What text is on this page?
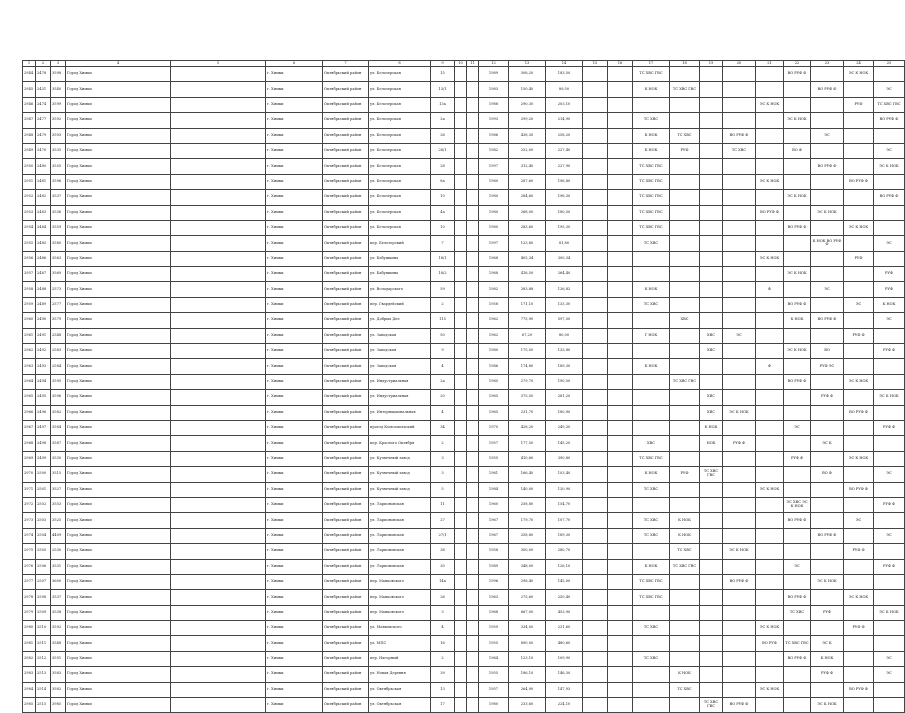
1	2	3	4	5	6	7	8	9	10	11	12	13	14	15	16	17	18	19	20	21	22	23	24	25
2944	2478	3598	Город Химки		г. Химки	Октябрьский район	ул. Белозерская	15			1989	308,20	183,50			ТС ХВС ГВС					ВО РУФ Ф		ЭС К НОК	
2945	2431	3540	Город Химки		г. Химки	Октябрьский район	ул. Белозерская	13/1			1983	150,40	89,50			К НОК	ТС ХВС ГВС					ВО РУФ Ф		ЭС
2946	2474	3599	Город Химки		г. Химки	Октябрьский район	ул. Белозерская	13а			1988	290,30	203,10							ЭС К НОК			РУФ	ТС ХВС ГВС
2947	2477	3592	Город Химки		г. Химки	Октябрьский район	ул. Белозерская	2а			1993	299,20	214,90			ТС ХВС					ЭС К НОК			ВО РУФ Ф
2948	2479	3593	Город Химки		г. Химки	Октябрьский район	ул. Белозерская	26			1986	438,30	258,20			К НОК	ТС ХВС		ВО РУФ Ф			ЭС		
2949	2470	3535	Город Химки		г. Химки	Октябрьский район	ул. Белозерская	28/1			1982	252,00	227,40			К НОК	РУФ		ТС ХВС		ВО Ф			ЭС
2950	2480	3555	Город Химки		г. Химки	Октябрьский район	ул. Белозерская	28			1997	312,40	227,90			ТС ХВС ГВС						ВО РУФ Ф		ЭС К НОК
2951	2481	3596	Город Химки		г. Химки	Октябрьский район	ул. Белозерская	8а			1980	287,60	196,80			ТС ХВС ГВС				ЭС К НОК			ВО РУФ Ф	
2952	2482	3537	Город Химки		г. Химки	Октябрьский район	ул. Белозерская	10			1980	284,60	196,30			ТС ХВС ГВС					ЭС К НОК			ВО РУФ Ф
2953	2483	3536	Город Химки		г. Химки	Октябрьский район	ул. Белозерская	4а			1980	268,00	180,50			ТС ХВС ГВС				ВО РУФ Ф		ЭС К НОК		
2954	2484	3559	Город Химки		г. Химки	Октябрьский район	ул. Белозерская	10			1980	283,60	195,30			ТС ХВС ГВС					ВО РУФ Ф		ЭС К НОК	
2955	2485	3580	Город Химки		г. Химки	Октябрьский район	пер. Белозерский	7			1997	123,80	81,80			ТС ХВС						К НОК ВО РУФ Ф		ЭС
2956	2486	3563	Город Химки		г. Химки	Октябрьский район	ул. Бабушкина	18/1			1968	405,34	300,34							ЭС К НОК			РУФ	
2957	2487	3569	Город Химки		г. Химки	Октябрьский район	ул. Бабушкина	18/2			1968	416,50	264,40								ЭС К НОК			РУФ
2958	2488	2573	Город Химки		г. Химки	Октябрьский район	ул. Володарского	59			1982	283,88	126,82			К НОК				Ф		ЭС		РУФ
2959	2489	2577	Город Химки		г. Химки	Октябрьский район	пер. Гвардейский	2			1958	171,10	133,30			ТС ХВС					ВО РУФ Ф		ЭС	К НОК
2960	2490	3579	Город Химки		г. Химки	Октябрьский район	ул. Добрых Дел	115			1962	775,90	597,50				ХВС				К НОК	ВО РУФ Ф		ЭС
2961	2491	2548	Город Химки		г. Химки	Октябрьский район	ул. Заводская	50			1962	67,20	80,00			Г НОК		ХВС	ЭС				РУФ Ф	
2962	2492	2583	Город Химки		г. Химки	Октябрьский район	ул. Заводская	9			1980	175,50	133,80					ХВС			ЭС К НОК	ВО		РУФ Ф
2963	2493	2584	Город Химки		г. Химки	Октябрьский район	ул. Заводская	4			1986	174,80	189,30			К НОК				Ф		РУФ ЭС		
2964	2494	3595	Город Химки		г. Химки	Октябрьский район	ул. Индустриальная	2а			1985	279,70	190,50				ТС ХВС ГВС				ВО РУФ Ф		ЭС К НОК	
2965	2495	3596	Город Химки		г. Химки	Октябрьский район	ул. Индустриальная	20			1965	375,50	281,20					ХВС				РУФ Ф		ЭС К НОК
2966	2496	3582	Город Химки		г. Химки	Октябрьский район	ул. Интернациональная	4			1965	231,70	180,90					ХВС	ЭС К НОК				ВО РУФ Ф	
2967	2497	3584	Город Химки		г. Химки	Октябрьский район	проезд Комсомольский	34			1970	428,20	249,30					К НОК			ЭС			РУФ Ф
2968	2498	3587	Город Химки		г. Химки	Октябрьский район	пер. Красного Октября	2			1957	177,50	145,20			ХВС		НОК	РУФ Ф			ЭС К		
2969	2499	3530	Город Химки		г. Химки	Октябрьский район	ул. Кузнечный завод	3			1955	410,60	390,80			ТС ХВС ГВС					РУФ Ф		ЭС К НОК	
2970	2500	3515	Город Химки		г. Химки	Октябрьский район	ул. Кузнечный завод	3			1961	166,40	103,40			К НОК	РУФ	ТС ХВС ГВС				ВО Ф		ЭС
2971	2501	3527	Город Химки		г. Химки	Октябрьский район	ул. Кузнечный завод	5			1984	140,00	120,90			ТС ХВС				ЭС К НОК			ВО РУФ Ф	
2972	2502	3553	Город Химки		г. Химки	Октябрьский район	ул. Ларионовская	11			1960	258,80	154,70								ЭС ХВС ЭС К НОК			РУФ Ф
2973	2503	3525	Город Химки		г. Химки	Октябрьский район	ул. Ларионовская	27			1967	179,70	107,70			ТС ХВС	К НОК				ВО РУФ Ф		ЭС	
2974	2504	4409	Город Химки		г. Химки	Октябрьский район	ул. Ларионовская	27/1			1967	258,80	189,30			ТС ХВС	К НОК					ВО РУФ Ф		ЭС
2975	2505	2530	Город Химки		г. Химки	Октябрьский район	ул. Ларионовская	38			1958	300,00	280,70				ТС ХВС		ЭС К НОК				РУФ Ф	
2976	2506	3531	Город Химки		г. Химки	Октябрьский район	ул. Ларионовская	30			1989	348,00	126,10			К НОК	ТС ХВС ГВС				ЭС			РУФ Ф
2977	2507	3600	Город Химки		г. Химки	Октябрьский район	пер. Маяковского	14а			1996	298,40	145,00			ТС ХВС ГВС			ВО РУФ Ф			ЭС К НОК		
2978	2508	3537	Город Химки		г. Химки	Октябрьский район	пер. Маяковского	26			1963	275,60	250,40			ТС ХВС ГВС					ВО РУФ Ф		ЭС К НОК	
2979	2509	3538	Город Химки		г. Химки	Октябрьский район	пер. Маяковского	3			1968	667,00	453,90								ТС ХВС	РУФ		ЭС К НОК
2980	2510	3592	Город Химки		г. Химки	Октябрьский район	ул. Маяковского	4			1959	334,00	231,60			ТС ХВС				ЭС К НОК			РУФ Ф	
2981	2511	3548	Город Химки		г. Химки	Октябрьский район	ул. МПС	16			1955	890,00	480,60							ВО РУФ	ТС ХВС ГВС	ЭС К		
2982	2512	3591	Город Химки		г. Химки	Октябрьский район	пер. Нагорный	2			1964	123,10	109,90			ТС ХВС					ВО РУФ Ф	К НОК		ЭС
2983	2513	3583	Город Химки		г. Химки	Октябрьский район	ул. Новая Деревня	39			1955	186,10	146,30				К НОК					РУФ Ф		ЭС
2984	2514	3582	Город Химки		г. Химки	Октябрьский район	ул. Октябрьская	13			1957	264,90	147,93				ТС ХВС			ЭС К НОК			ВО РУФ Ф	
2985	2515	3985	Город Химки		г. Химки	Октябрьский район	ул. Октябрьская	17			1980	233,60	224,10					ТС ХВС ГВС	ВО РУФ Ф			ЭС К НОК		
